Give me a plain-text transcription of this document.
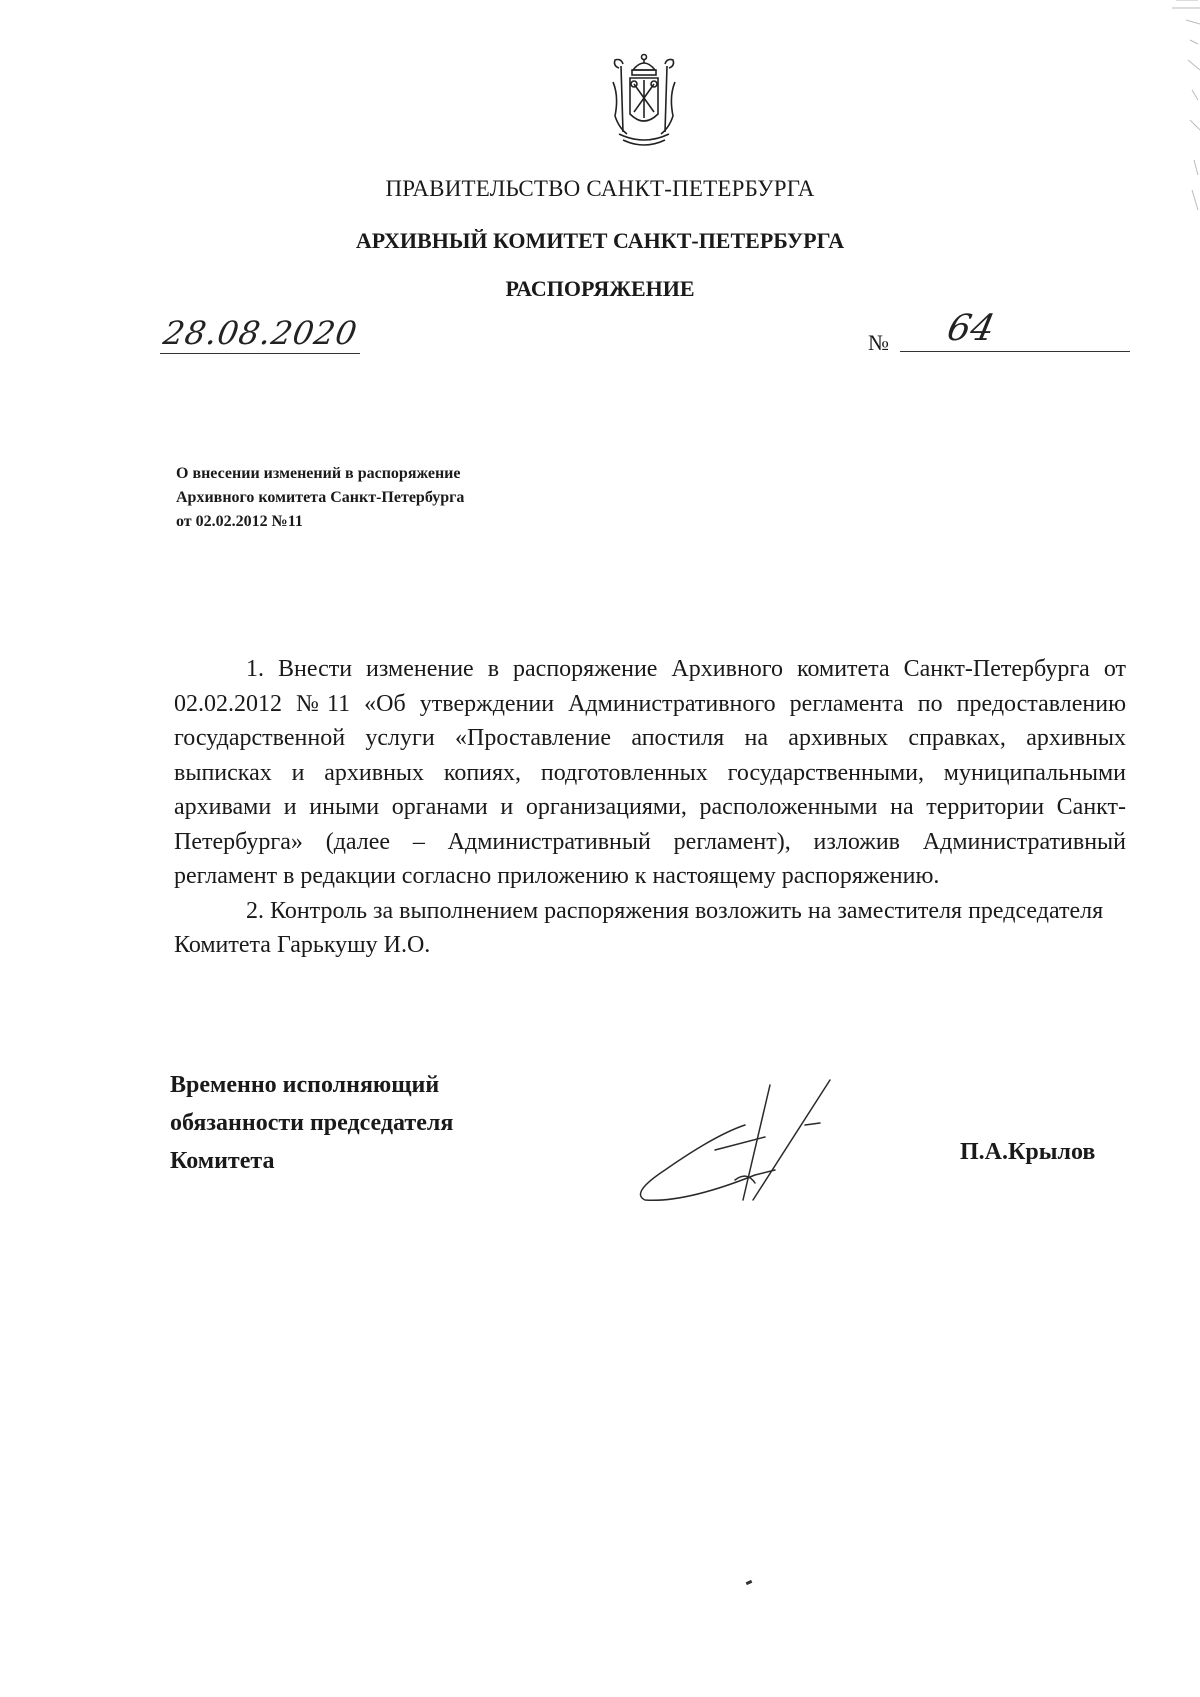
ПРАВИТЕЛЬСТВО САНКТ-ПЕТЕРБУРГА
АРХИВНЫЙ КОМИТЕТ САНКТ-ПЕТЕРБУРГА
РАСПОРЯЖЕНИЕ
28.08.2020	№ 64
О внесении изменений в распоряжение
Архивного комитета Санкт-Петербурга
от 02.02.2012 №11

1. Внести изменение в распоряжение Архивного комитета Санкт-Петербурга от 02.02.2012 №11 «Об утверждении Административного регламента по предоставлению государственной услуги «Проставление апостиля на архивных справках, архивных выписках и архивных копиях, подготовленных государственными, муниципальными архивами и иными органами и организациями, расположенными на территории Санкт-Петербурга» (далее – Административный регламент), изложив Административный регламент в редакции согласно приложению к настоящему распоряжению.

2. Контроль за выполнением распоряжения возложить на заместителя председателя Комитета Гарькушу И.О.

Временно исполняющий
обязанности председателя
Комитета	П.А.Крылов
